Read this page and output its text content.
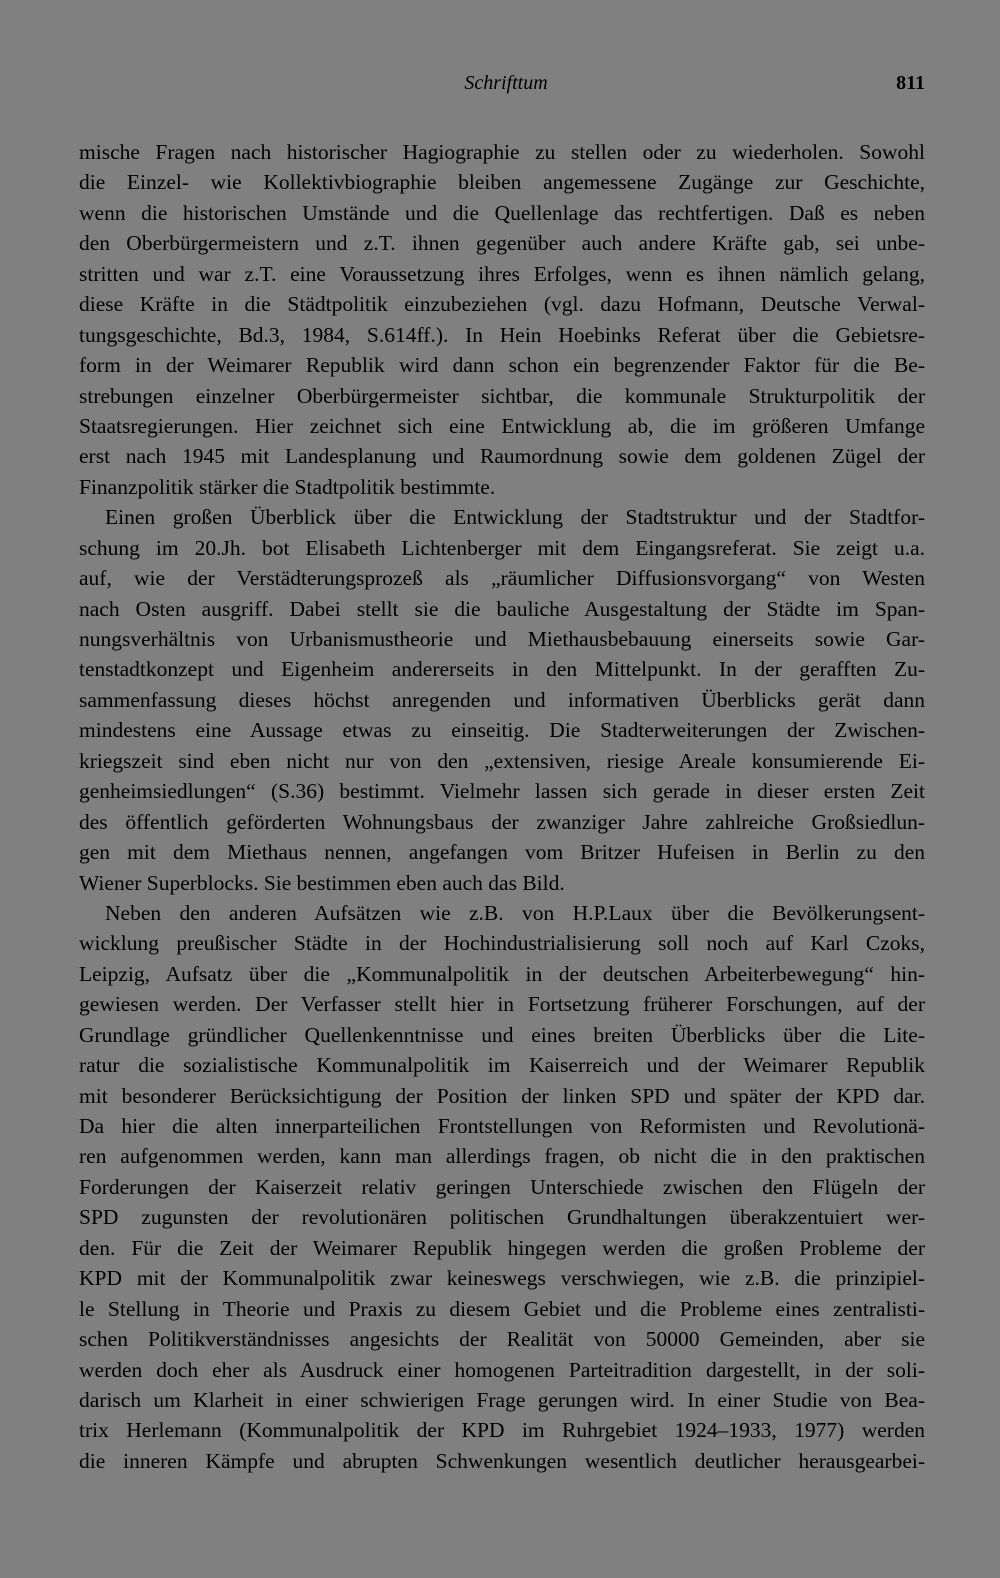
Schrifttum	811
mische Fragen nach historischer Hagiographie zu stellen oder zu wiederholen. Sowohl
die Einzel- wie Kollektivbiographie bleiben angemessene Zugänge zur Geschichte,
wenn die historischen Umstände und die Quellenlage das rechtfertigen. Daß es neben
den Oberbürgermeistern und z.T. ihnen gegenüber auch andere Kräfte gab, sei unbe-
stritten und war z.T. eine Voraussetzung ihres Erfolges, wenn es ihnen nämlich gelang,
diese Kräfte in die Städtpolitik einzubeziehen (vgl. dazu Hofmann, Deutsche Verwal-
tungsgeschichte, Bd.3, 1984, S.614ff.). In Hein Hoebinks Referat über die Gebietsre-
form in der Weimarer Republik wird dann schon ein begrenzender Faktor für die Be-
strebungen einzelner Oberbürgermeister sichtbar, die kommunale Strukturpolitik der
Staatsregierungen. Hier zeichnet sich eine Entwicklung ab, die im größeren Umfange
erst nach 1945 mit Landesplanung und Raumordnung sowie dem goldenen Zügel der
Finanzpolitik stärker die Stadtpolitik bestimmte.
Einen großen Überblick über die Entwicklung der Stadtstruktur und der Stadtfor-
schung im 20.Jh. bot Elisabeth Lichtenberger mit dem Eingangsreferat. Sie zeigt u.a.
auf, wie der Verstädterungsprozeß als „räumlicher Diffusionsvorgang“ von Westen
nach Osten ausgriff. Dabei stellt sie die bauliche Ausgestaltung der Städte im Span-
nungsverhältnis von Urbanismustheorie und Miethausbebauung einerseits sowie Gar-
tenstadtkonzept und Eigenheim andererseits in den Mittelpunkt. In der gerafften Zu-
sammenfassung dieses höchst anregenden und informativen Überblicks gerät dann
mindestens eine Aussage etwas zu einseitig. Die Stadterweiterungen der Zwischen-
kriegszeit sind eben nicht nur von den „extensiven, riesige Areale konsumierende Ei-
genheimsiedlungen“ (S.36) bestimmt. Vielmehr lassen sich gerade in dieser ersten Zeit
des öffentlich geförderten Wohnungsbaus der zwanziger Jahre zahlreiche Großsiedlun-
gen mit dem Miethaus nennen, angefangen vom Britzer Hufeisen in Berlin zu den
Wiener Superblocks. Sie bestimmen eben auch das Bild.
Neben den anderen Aufsätzen wie z.B. von H.P.Laux über die Bevölkerungsent-
wicklung preußischer Städte in der Hochindustrialisierung soll noch auf Karl Czoks,
Leipzig, Aufsatz über die „Kommunalpolitik in der deutschen Arbeiterbewegung“ hin-
gewiesen werden. Der Verfasser stellt hier in Fortsetzung früherer Forschungen, auf der
Grundlage gründlicher Quellenkenntnisse und eines breiten Überblicks über die Lite-
ratur die sozialistische Kommunalpolitik im Kaiserreich und der Weimarer Republik
mit besonderer Berücksichtigung der Position der linken SPD und später der KPD dar.
Da hier die alten innerparteilichen Frontstellungen von Reformisten und Revolutionä-
ren aufgenommen werden, kann man allerdings fragen, ob nicht die in den praktischen
Forderungen der Kaiserzeit relativ geringen Unterschiede zwischen den Flügeln der
SPD zugunsten der revolutionären politischen Grundhaltungen überakzentuiert wer-
den. Für die Zeit der Weimarer Republik hingegen werden die großen Probleme der
KPD mit der Kommunalpolitik zwar keineswegs verschwiegen, wie z.B. die prinzipiel-
le Stellung in Theorie und Praxis zu diesem Gebiet und die Probleme eines zentralisti-
schen Politikverständnisses angesichts der Realität von 50000 Gemeinden, aber sie
werden doch eher als Ausdruck einer homogenen Parteitradition dargestellt, in der soli-
darisch um Klarheit in einer schwierigen Frage gerungen wird. In einer Studie von Bea-
trix Herlemann (Kommunalpolitik der KPD im Ruhrgebiet 1924–1933, 1977) werden
die inneren Kämpfe und abrupten Schwenkungen wesentlich deutlicher herausgearbei-
